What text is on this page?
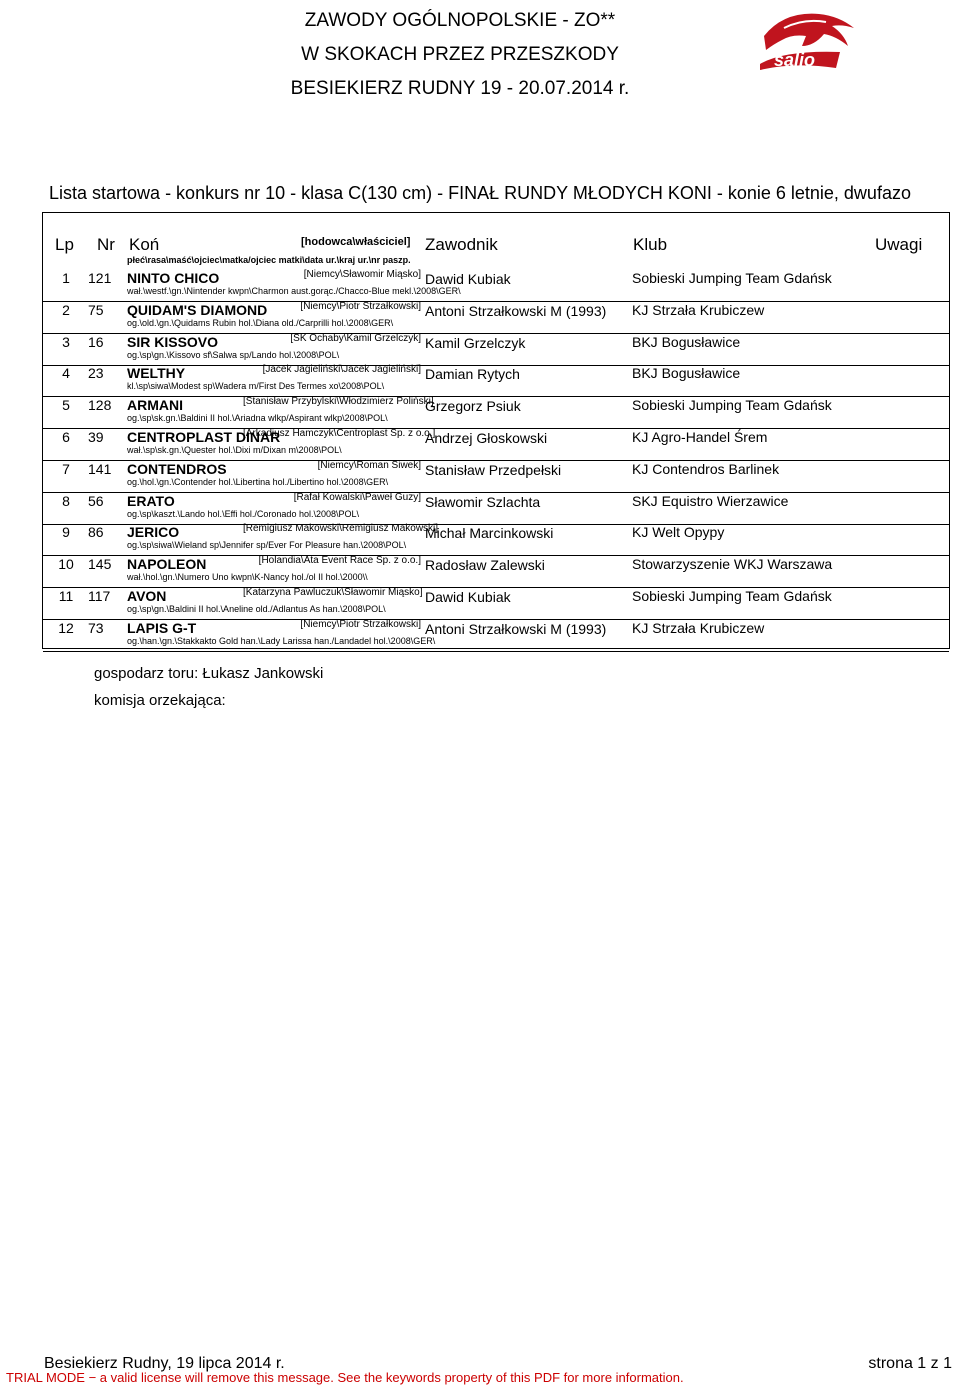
ZAWODY OGÓLNOPOLSKIE - ZO**
W SKOKACH PRZEZ PRZESZKODY
BESIEKIERZ RUDNY 19 - 20.07.2014 r.
salio
Lista startowa - konkurs nr 10 - klasa C(130 cm) - FINAŁ RUNDY MŁODYCH KONI - konie 6 letnie, dwufazo
Lp Nr Koń	[hodowca\właściciel] Zawodnik	Klub	Uwagi
płeć\rasa\maść\ojciec\matka/ojciec matki\data ur.\kraj ur.\nr paszp.
1	121	NINTO CHICO	[Niemcy\Sławomir Miąsko]
wał.\westf.\gn.\Nintender kwpn\Charmon aust.gorąc./Chacco-Blue mekl.\2008\GER\
Dawid Kubiak	Sobieski Jumping Team Gdańsk
2	75	QUIDAM'S DIAMOND	[Niemcy\Piotr Strzałkowski]
og.\old.\gn.\Quidams Rubin hol.\Diana old./Carprilli hol.\2008\GER\
Antoni Strzałkowski M (1993) KJ Strzała Krubiczew
3	16	SIR KISSOVO	[SK Ochaby\Kamil Grzelczyk]
og.\sp\gn.\Kissovo sf\Salwa sp/Lando hol.\2008\POL\
Kamil Grzelczyk	BKJ Bogusławice
4	23	WELTHY	[Jacek Jagieliński\Jacek Jagieliński]
kl.\sp\siwa\Modest sp\Wadera m/First Des Termes xo\2008\POL\
Damian Rytych	BKJ Bogusławice
5	128	ARMANI	[Stanisław Przybylski\Włodzimierz Poliński]
og.\sp\sk.gn.\Baldini II hol.\Ariadna wlkp/Aspirant wlkp\2008\POL\
Grzegorz Psiuk	Sobieski Jumping Team Gdańsk
6	39	CENTROPLAST DINAR
[Arkadiusz Hamczyk\Centroplast Sp. z o.o.]
wał.\sp\sk.gn.\Quester hol.\Dixi m/Dixan m\2008\POL\
Andrzej Głoskowski	KJ Agro-Handel Śrem
7	141	CONTENDROS	[Niemcy\Roman Siwek]
og.\hol.\gn.\Contender hol.\Libertina hol./Libertino hol.\2008\GER\
Stanisław Przedpełski	KJ Contendros Barlinek
8	56	ERATO	[Rafał Kowalski\Paweł Guzy]
og.\sp\kaszt.\Lando hol.\Effi hol./Coronado hol.\2008\POL\
Sławomir Szlachta	SKJ Equistro Wierzawice
9	86	JERICO	[Remigiusz Makowski\Remigiusz Makowski]
og.\sp\siwa\Wieland sp\Jennifer sp/Ever For Pleasure han.\2008\POL\
Michał Marcinkowski	KJ Welt Opypy
10	145	NAPOLEON	[Holandia\Ata Event Race Sp. z o.o.]
wał.\hol.\gn.\Numero Uno kwpn\K-Nancy hol./ol II hol.\2000\\
Radosław Zalewski	Stowarzyszenie WKJ Warszawa
11	117	AVON	[Katarzyna Pawluczuk\Sławomir Miąsko]
og.\sp\gn.\Baldini II hol.\Aneline old./Adlantus As han.\2008\POL\
Dawid Kubiak	Sobieski Jumping Team Gdańsk
12	73	LAPIS G-T	[Niemcy\Piotr Strzałkowski]
og.\han.\gn.\Stakkakto Gold han.\Lady Larissa han./Landadel hol.\2008\GER\
Antoni Strzałkowski M (1993) KJ Strzała Krubiczew
gospodarz toru: Łukasz Jankowski
komisja orzekająca:
Besiekierz Rudny, 19 lipca 2014 r.	strona 1 z 1
TRIAL MODE − a valid license will remove this message. See the keywords property of this PDF for more information.
